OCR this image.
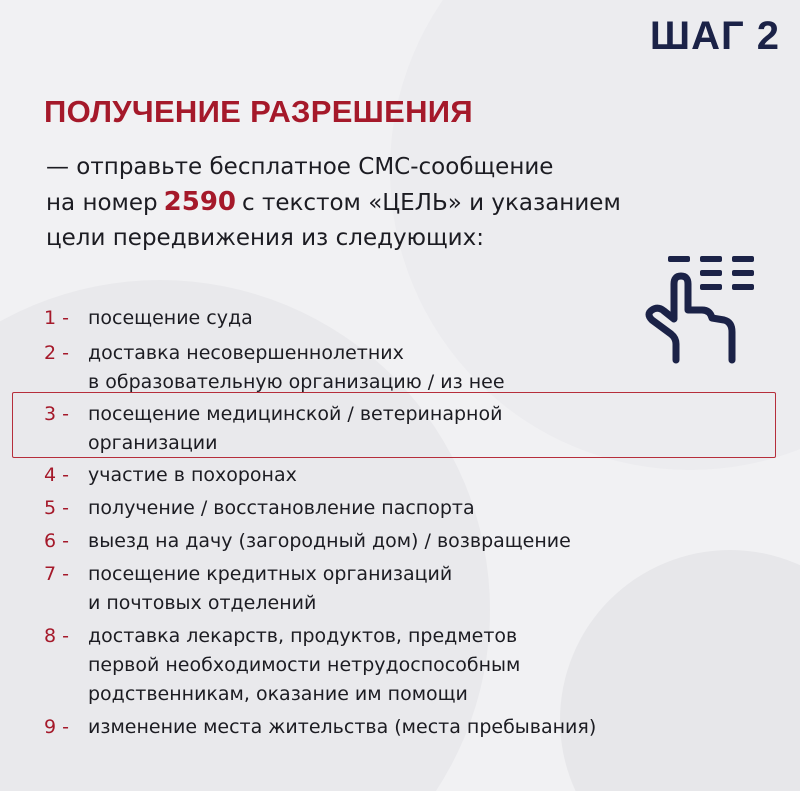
ШАГ 2
ПОЛУЧЕНИЕ РАЗРЕШЕНИЯ
— отправьте бесплатное СМС-сообщение
на номер 2590 с текстом «ЦЕЛЬ» и указанием
цели передвижения из следующих:
1 -	посещение суда
2 -	доставка несовершеннолетних
в образовательную организацию / из нее
3 -	посещение медицинской / ветеринарной
организации
4 -	участие в похоронах
5 -	получение / восстановление паспорта
6 -	выезд на дачу (загородный дом) / возвращение
7 -	посещение кредитных организаций
и почтовых отделений
8 -	доставка лекарств, продуктов, предметов
первой необходимости нетрудоспособным
родственникам, оказание им помощи
9 -	изменение места жительства (места пребывания)
